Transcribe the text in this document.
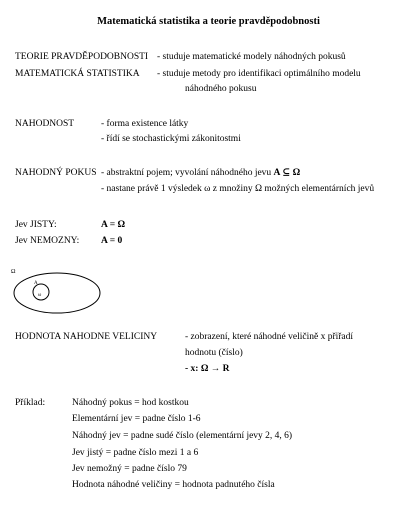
Matematická statistika a teorie pravděpodobnosti
TEORIE PRAVDĚPODOBNOSTI - studuje matematické modely náhodných pokusů
MATEMATICKÁ STATISTIKA - studuje metody pro identifikaci optimálního modelu
náhodného pokusu
NAHODNOST	- forma existence látky
- řídí se stochastickými zákonitostmi
NAHODNÝ POKUS - abstraktní pojem; vyvolání náhodného jevu A ⊆ Ω
- nastane právě 1 výsledek ω z množiny Ω možných elementárních jevů
Jev JISTY:	A = Ω
Jev NEMOZNY: A = 0
Ω
A
ω
HODNOTA NAHODNE VELICINY	- zobrazení, které náhodné veličině x přiřadí
hodnotu (číslo)
- x: Ω → R
Příklad:	Náhodný pokus = hod kostkou
Elementární jev = padne číslo 1-6
Náhodný jev = padne sudé číslo (elementární jevy 2, 4, 6)
Jev jistý = padne číslo mezi 1 a 6
Jev nemožný = padne číslo 79
Hodnota náhodné veličiny = hodnota padnutého čísla
